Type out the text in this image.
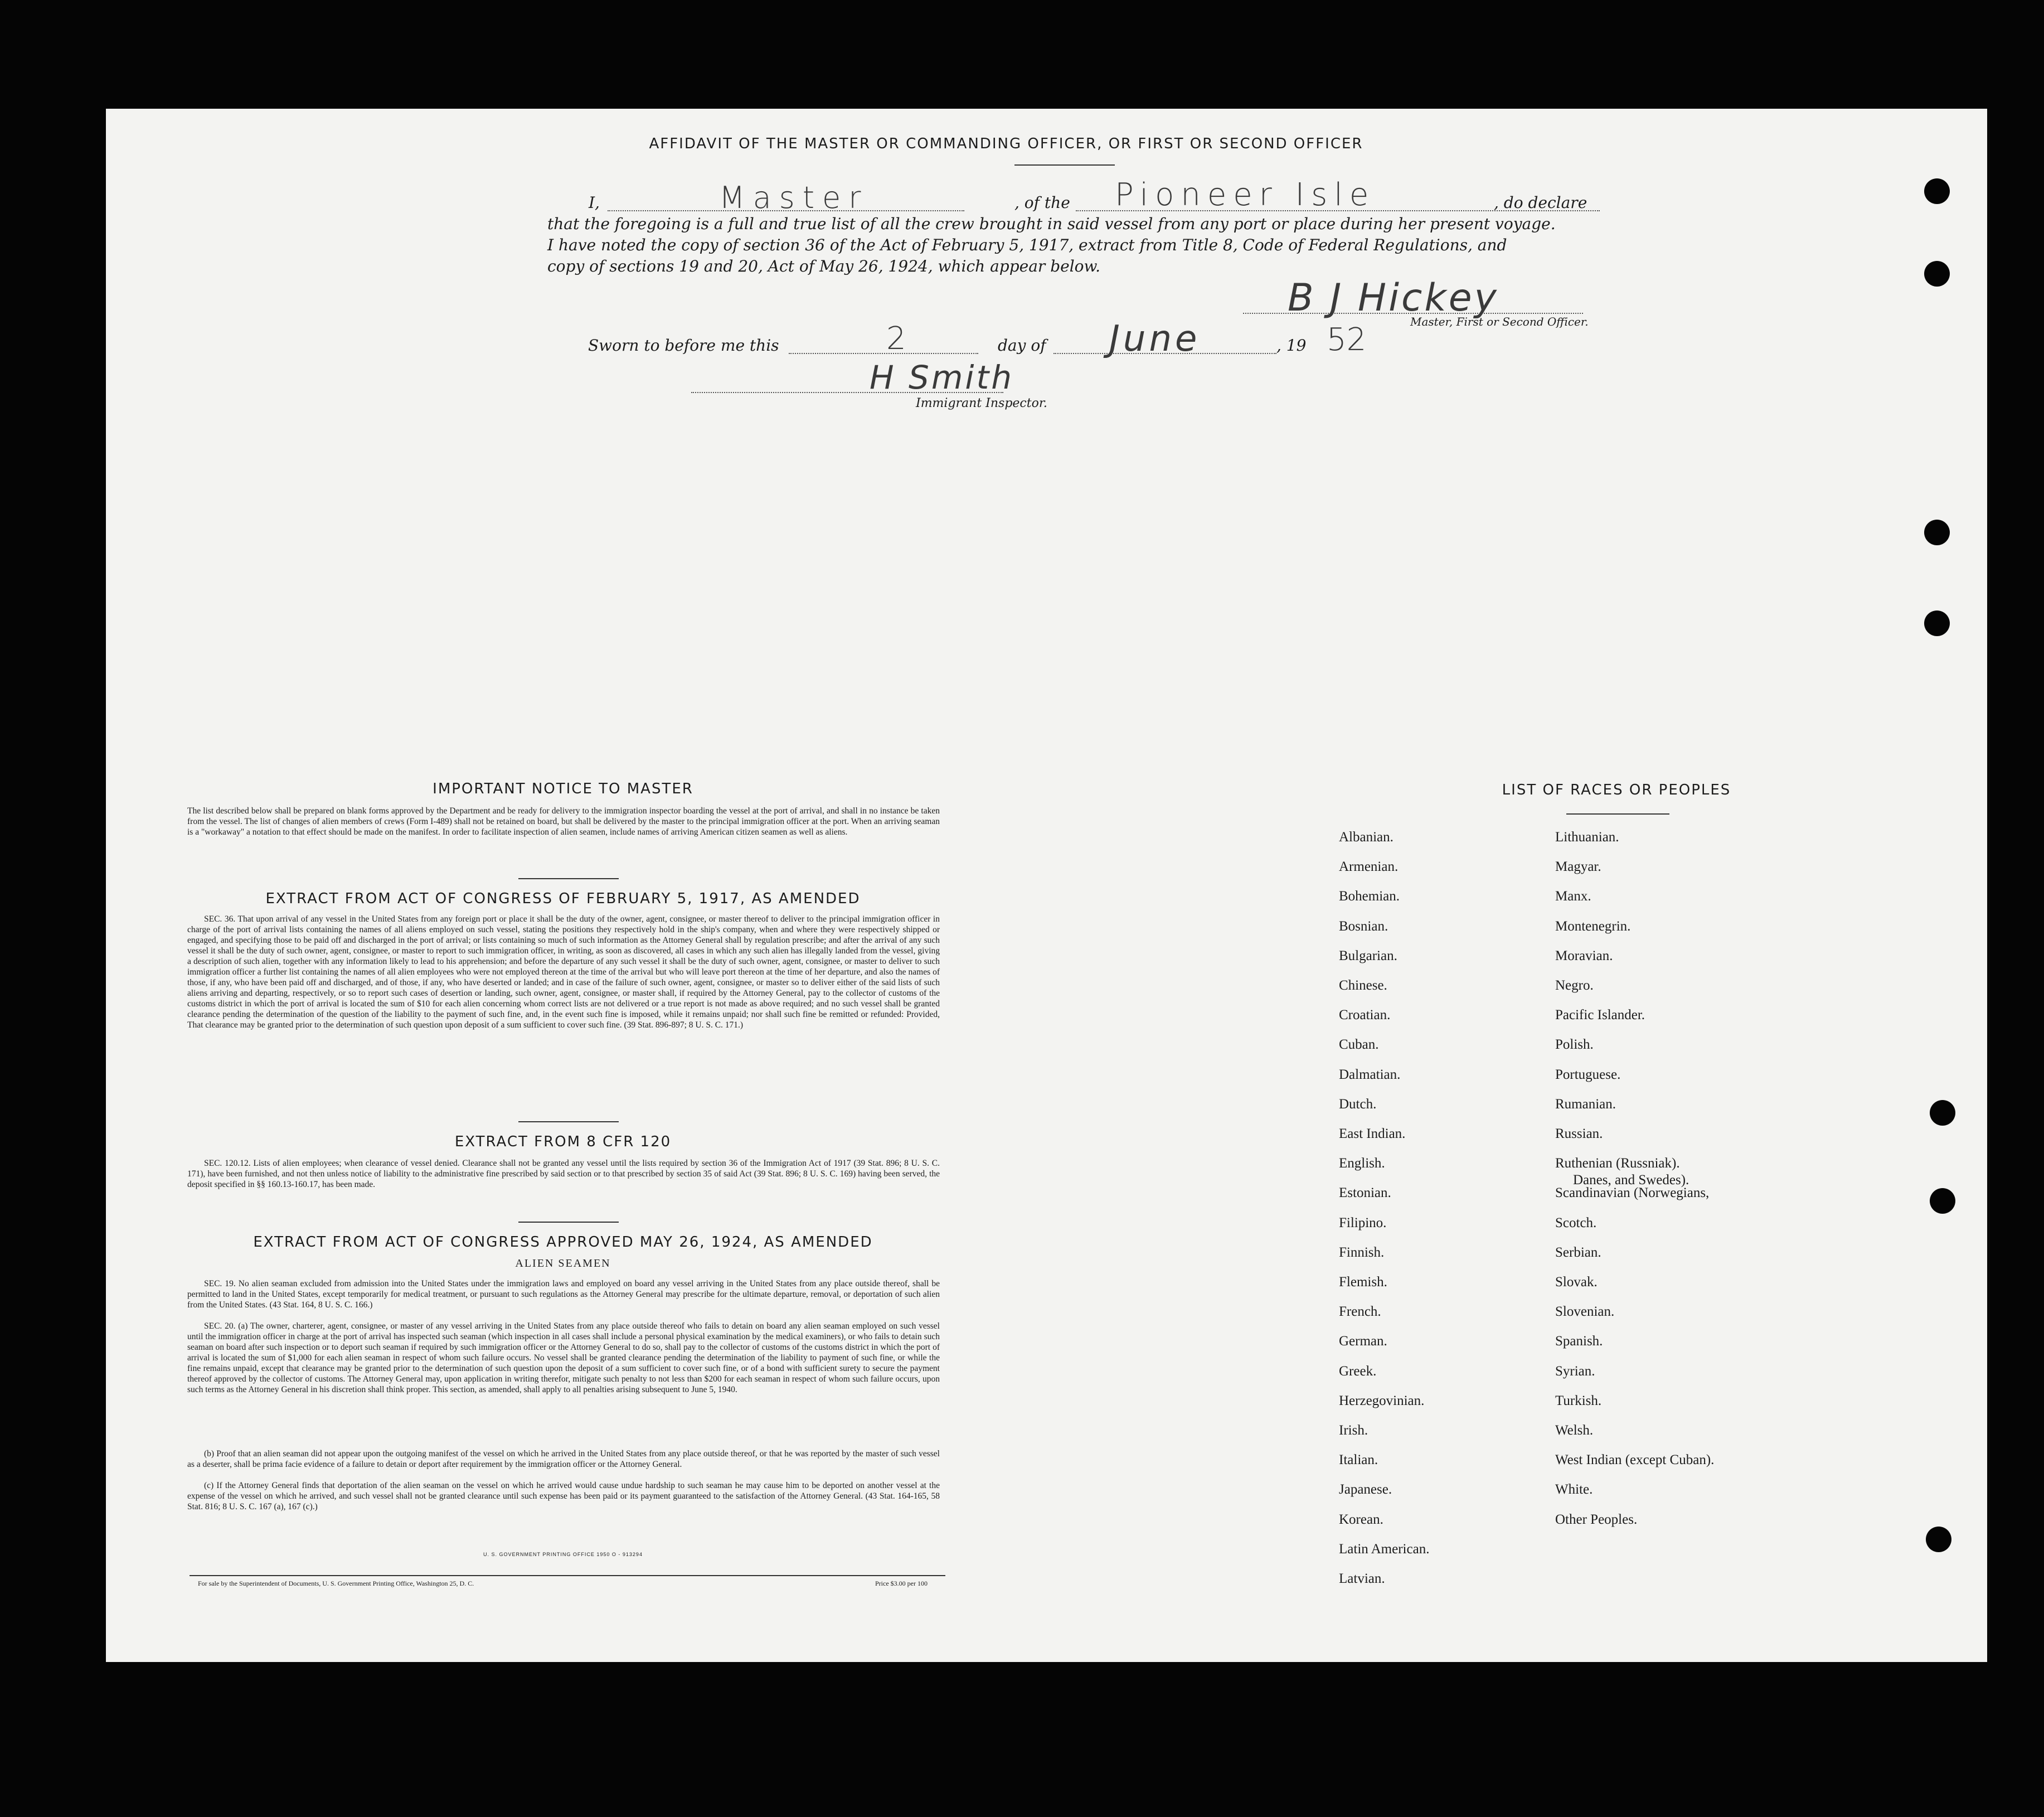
AFFIDAVIT OF THE MASTER OR COMMANDING OFFICER, OR FIRST OR SECOND OFFICER
I,	Master	, of the Pioneer Isle	, do declare
that the foregoing is a full and true list of all the crew brought in said vessel from any port or place during her present voyage.
I have noted the copy of section 36 of the Act of February 5, 1917, extract from Title 8, Code of Federal Regulations, and
copy of sections 19 and 20, Act of May 26, 1924, which appear below.
B J Hickey
Master, First or Second Officer.
Sworn to before me this	2	day of June	, 19 52
H Smith
Immigrant Inspector.
IMPORTANT NOTICE TO MASTER
The list described below shall be prepared on blank forms approved by the Department and be ready for delivery to the immigration inspector boarding the vessel at the port of arrival, and shall in no instance be taken from the vessel. The list of changes of alien members of crews (Form I-489) shall not be retained on board, but shall be delivered by the master to the principal immigration officer at the port. When an arriving seaman is a "workaway" a notation to that effect should be made on the manifest. In order to facilitate inspection of alien seamen, include names of arriving American citizen seamen as well as aliens.
EXTRACT FROM ACT OF CONGRESS OF FEBRUARY 5, 1917, AS AMENDED
SEC. 36. That upon arrival of any vessel in the United States from any foreign port or place it shall be the duty of the owner, agent, consignee, or master thereof to deliver to the principal immigration officer in charge of the port of arrival lists containing the names of all aliens employed on such vessel, stating the positions they respectively hold in the ship's company, when and where they were respectively shipped or engaged, and specifying those to be paid off and discharged in the port of arrival; or lists containing so much of such information as the Attorney General shall by regulation prescribe; and after the arrival of any such vessel it shall be the duty of such owner, agent, consignee, or master to report to such immigration officer, in writing, as soon as discovered, all cases in which any such alien has illegally landed from the vessel, giving a description of such alien, together with any information likely to lead to his apprehension; and before the departure of any such vessel it shall be the duty of such owner, agent, consignee, or master to deliver to such immigration officer a further list containing the names of all alien employees who were not employed thereon at the time of the arrival but who will leave port thereon at the time of her departure, and also the names of those, if any, who have been paid off and discharged, and of those, if any, who have deserted or landed; and in case of the failure of such owner, agent, consignee, or master so to deliver either of the said lists of such aliens arriving and departing, respectively, or so to report such cases of desertion or landing, such owner, agent, consignee, or master shall, if required by the Attorney General, pay to the collector of customs of the customs district in which the port of arrival is located the sum of $10 for each alien concerning whom correct lists are not delivered or a true report is not made as above required; and no such vessel shall be granted clearance pending the determination of the question of the liability to the payment of such fine, and, in the event such fine is imposed, while it remains unpaid; nor shall such fine be remitted or refunded: Provided, That clearance may be granted prior to the determination of such question upon deposit of a sum sufficient to cover such fine. (39 Stat. 896-897; 8 U. S. C. 171.)
EXTRACT FROM 8 CFR 120
SEC. 120.12. Lists of alien employees; when clearance of vessel denied. Clearance shall not be granted any vessel until the lists required by section 36 of the Immigration Act of 1917 (39 Stat. 896; 8 U. S. C. 171), have been furnished, and not then unless notice of liability to the administrative fine prescribed by said section or to that prescribed by section 35 of said Act (39 Stat. 896; 8 U. S. C. 169) having been served, the deposit specified in §§ 160.13-160.17, has been made.
EXTRACT FROM ACT OF CONGRESS APPROVED MAY 26, 1924, AS AMENDED
ALIEN SEAMEN
SEC. 19. No alien seaman excluded from admission into the United States under the immigration laws and employed on board any vessel arriving in the United States from any place outside thereof, shall be permitted to land in the United States, except temporarily for medical treatment, or pursuant to such regulations as the Attorney General may prescribe for the ultimate departure, removal, or deportation of such alien from the United States. (43 Stat. 164, 8 U. S. C. 166.)
SEC. 20. (a) The owner, charterer, agent, consignee, or master of any vessel arriving in the United States from any place outside thereof who fails to detain on board any alien seaman employed on such vessel until the immigration officer in charge at the port of arrival has inspected such seaman (which inspection in all cases shall include a personal physical examination by the medical examiners), or who fails to detain such seaman on board after such inspection or to deport such seaman if required by such immigration officer or the Attorney General to do so, shall pay to the collector of customs of the customs district in which the port of arrival is located the sum of $1,000 for each alien seaman in respect of whom such failure occurs. No vessel shall be granted clearance pending the determination of the liability to payment of such fine, or while the fine remains unpaid, except that clearance may be granted prior to the determination of such question upon the deposit of a sum sufficient to cover such fine, or of a bond with sufficient surety to secure the payment thereof approved by the collector of customs. The Attorney General may, upon application in writing therefor, mitigate such penalty to not less than $200 for each seaman in respect of whom such failure occurs, upon such terms as the Attorney General in his discretion shall think proper. This section, as amended, shall apply to all penalties arising subsequent to June 5, 1940.
(b) Proof that an alien seaman did not appear upon the outgoing manifest of the vessel on which he arrived in the United States from any place outside thereof, or that he was reported by the master of such vessel as a deserter, shall be prima facie evidence of a failure to detain or deport after requirement by the immigration officer or the Attorney General.
(c) If the Attorney General finds that deportation of the alien seaman on the vessel on which he arrived would cause undue hardship to such seaman he may cause him to be deported on another vessel at the expense of the vessel on which he arrived, and such vessel shall not be granted clearance until such expense has been paid or its payment guaranteed to the satisfaction of the Attorney General. (43 Stat. 164-165, 58 Stat. 816; 8 U. S. C. 167 (a), 167 (c).)
U. S. GOVERNMENT PRINTING OFFICE 1950 O - 913294
For sale by the Superintendent of Documents, U. S. Government Printing Office, Washington 25, D. C.	Price $3.00 per 100
LIST OF RACES OR PEOPLES
Albanian.
Armenian.
Bohemian.
Bosnian.
Bulgarian.
Chinese.
Croatian.
Cuban.
Dalmatian.
Dutch.
East Indian.
English.
Estonian.
Filipino.
Finnish.
Flemish.
French.
German.
Greek.
Herzegovinian.
Irish.
Italian.
Japanese.
Korean.
Latin American.
Latvian.
Lithuanian.
Magyar.
Manx.
Montenegrin.
Moravian.
Negro.
Pacific Islander.
Polish.
Portuguese.
Rumanian.
Russian.
Ruthenian (Russniak).
Scandinavian (Norwegians,
Danes, and Swedes).
Scotch.
Serbian.
Slovak.
Slovenian.
Spanish.
Syrian.
Turkish.
Welsh.
West Indian (except Cuban).
White.
Other Peoples.
